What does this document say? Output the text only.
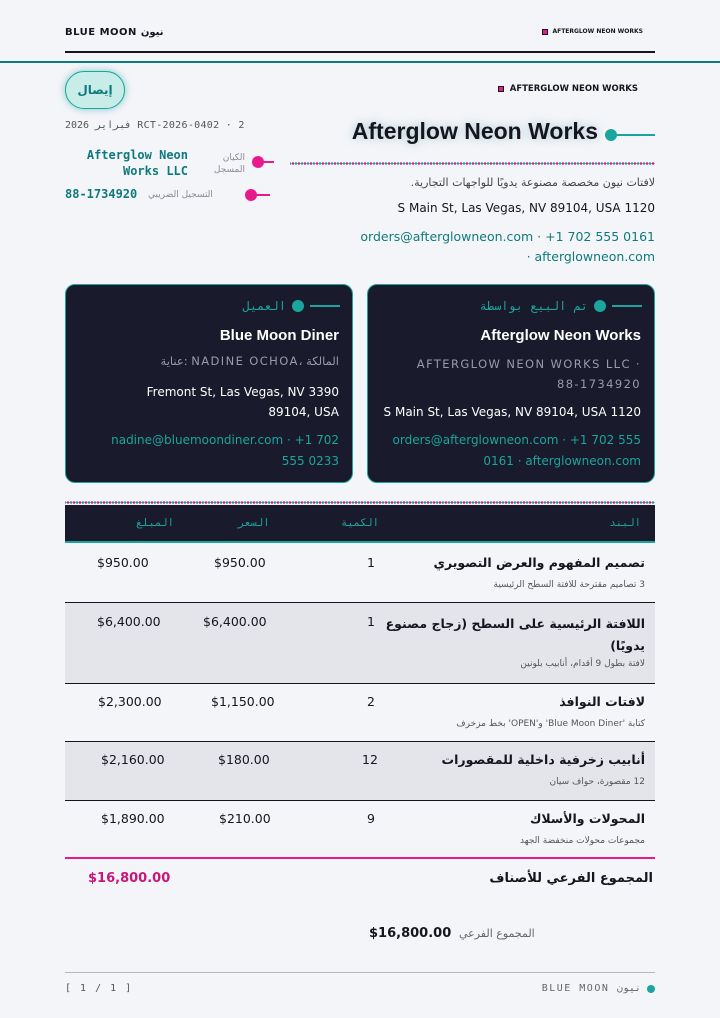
BLUE MOON نيون	AFTERGLOW NEON WORKS
إيصال
2026 فبراير RCT-2026-0402 · 2
Afterglow Neon Works LLC
الكيان المسجل
88-1734920 التسجيل الضريبي
AFTERGLOW NEON WORKS
Afterglow Neon Works
لافتات نيون مخصصة مصنوعة يدويًا للواجهات التجارية.
S Main St, Las Vegas, NV 89104, USA 1120
orders@afterglowneon.com · +1 702 555 0161 · afterglowneon.com
تم البيع بواسطة
Afterglow Neon Works
AFTERGLOW NEON WORKS LLC · 88-1734920
S Main St, Las Vegas, NV 89104, USA 1120
orders@afterglowneon.com · +1 702 555 0161 · afterglowneon.com
العميل
Blue Moon Diner
عناية: NADINE OCHOA، المالكة
Fremont St, Las Vegas, NV 3390 89104, USA
nadine@bluemoondiner.com · +1 702 555 0233
البند
الكمية
السعر
المبلغ
تصميم المفهوم والعرض التصويري
3 تصاميم مقترحة للافتة السطح الرئيسية
1
$950.00
$950.00
اللافتة الرئيسية على السطح (زجاج مصنوع يدويًا)
لافتة بطول 9 أقدام، أنابيب بلونين
1
$6,400.00
$6,400.00
لافتات النوافذ
كتابة 'Blue Moon Diner' و'OPEN' بخط مزخرف
2
$1,150.00
$2,300.00
أنابيب زخرفية داخلية للمقصورات
12 مقصورة، حواف سيان
12
$180.00
$2,160.00
المحولات والأسلاك
مجموعات محولات منخفضة الجهد
9
$210.00
$1,890.00
المجموع الفرعي للأصناف
$16,800.00
المجموع الفرعي
$16,800.00
[ 1 / 1 ]	BLUE MOON نيون
